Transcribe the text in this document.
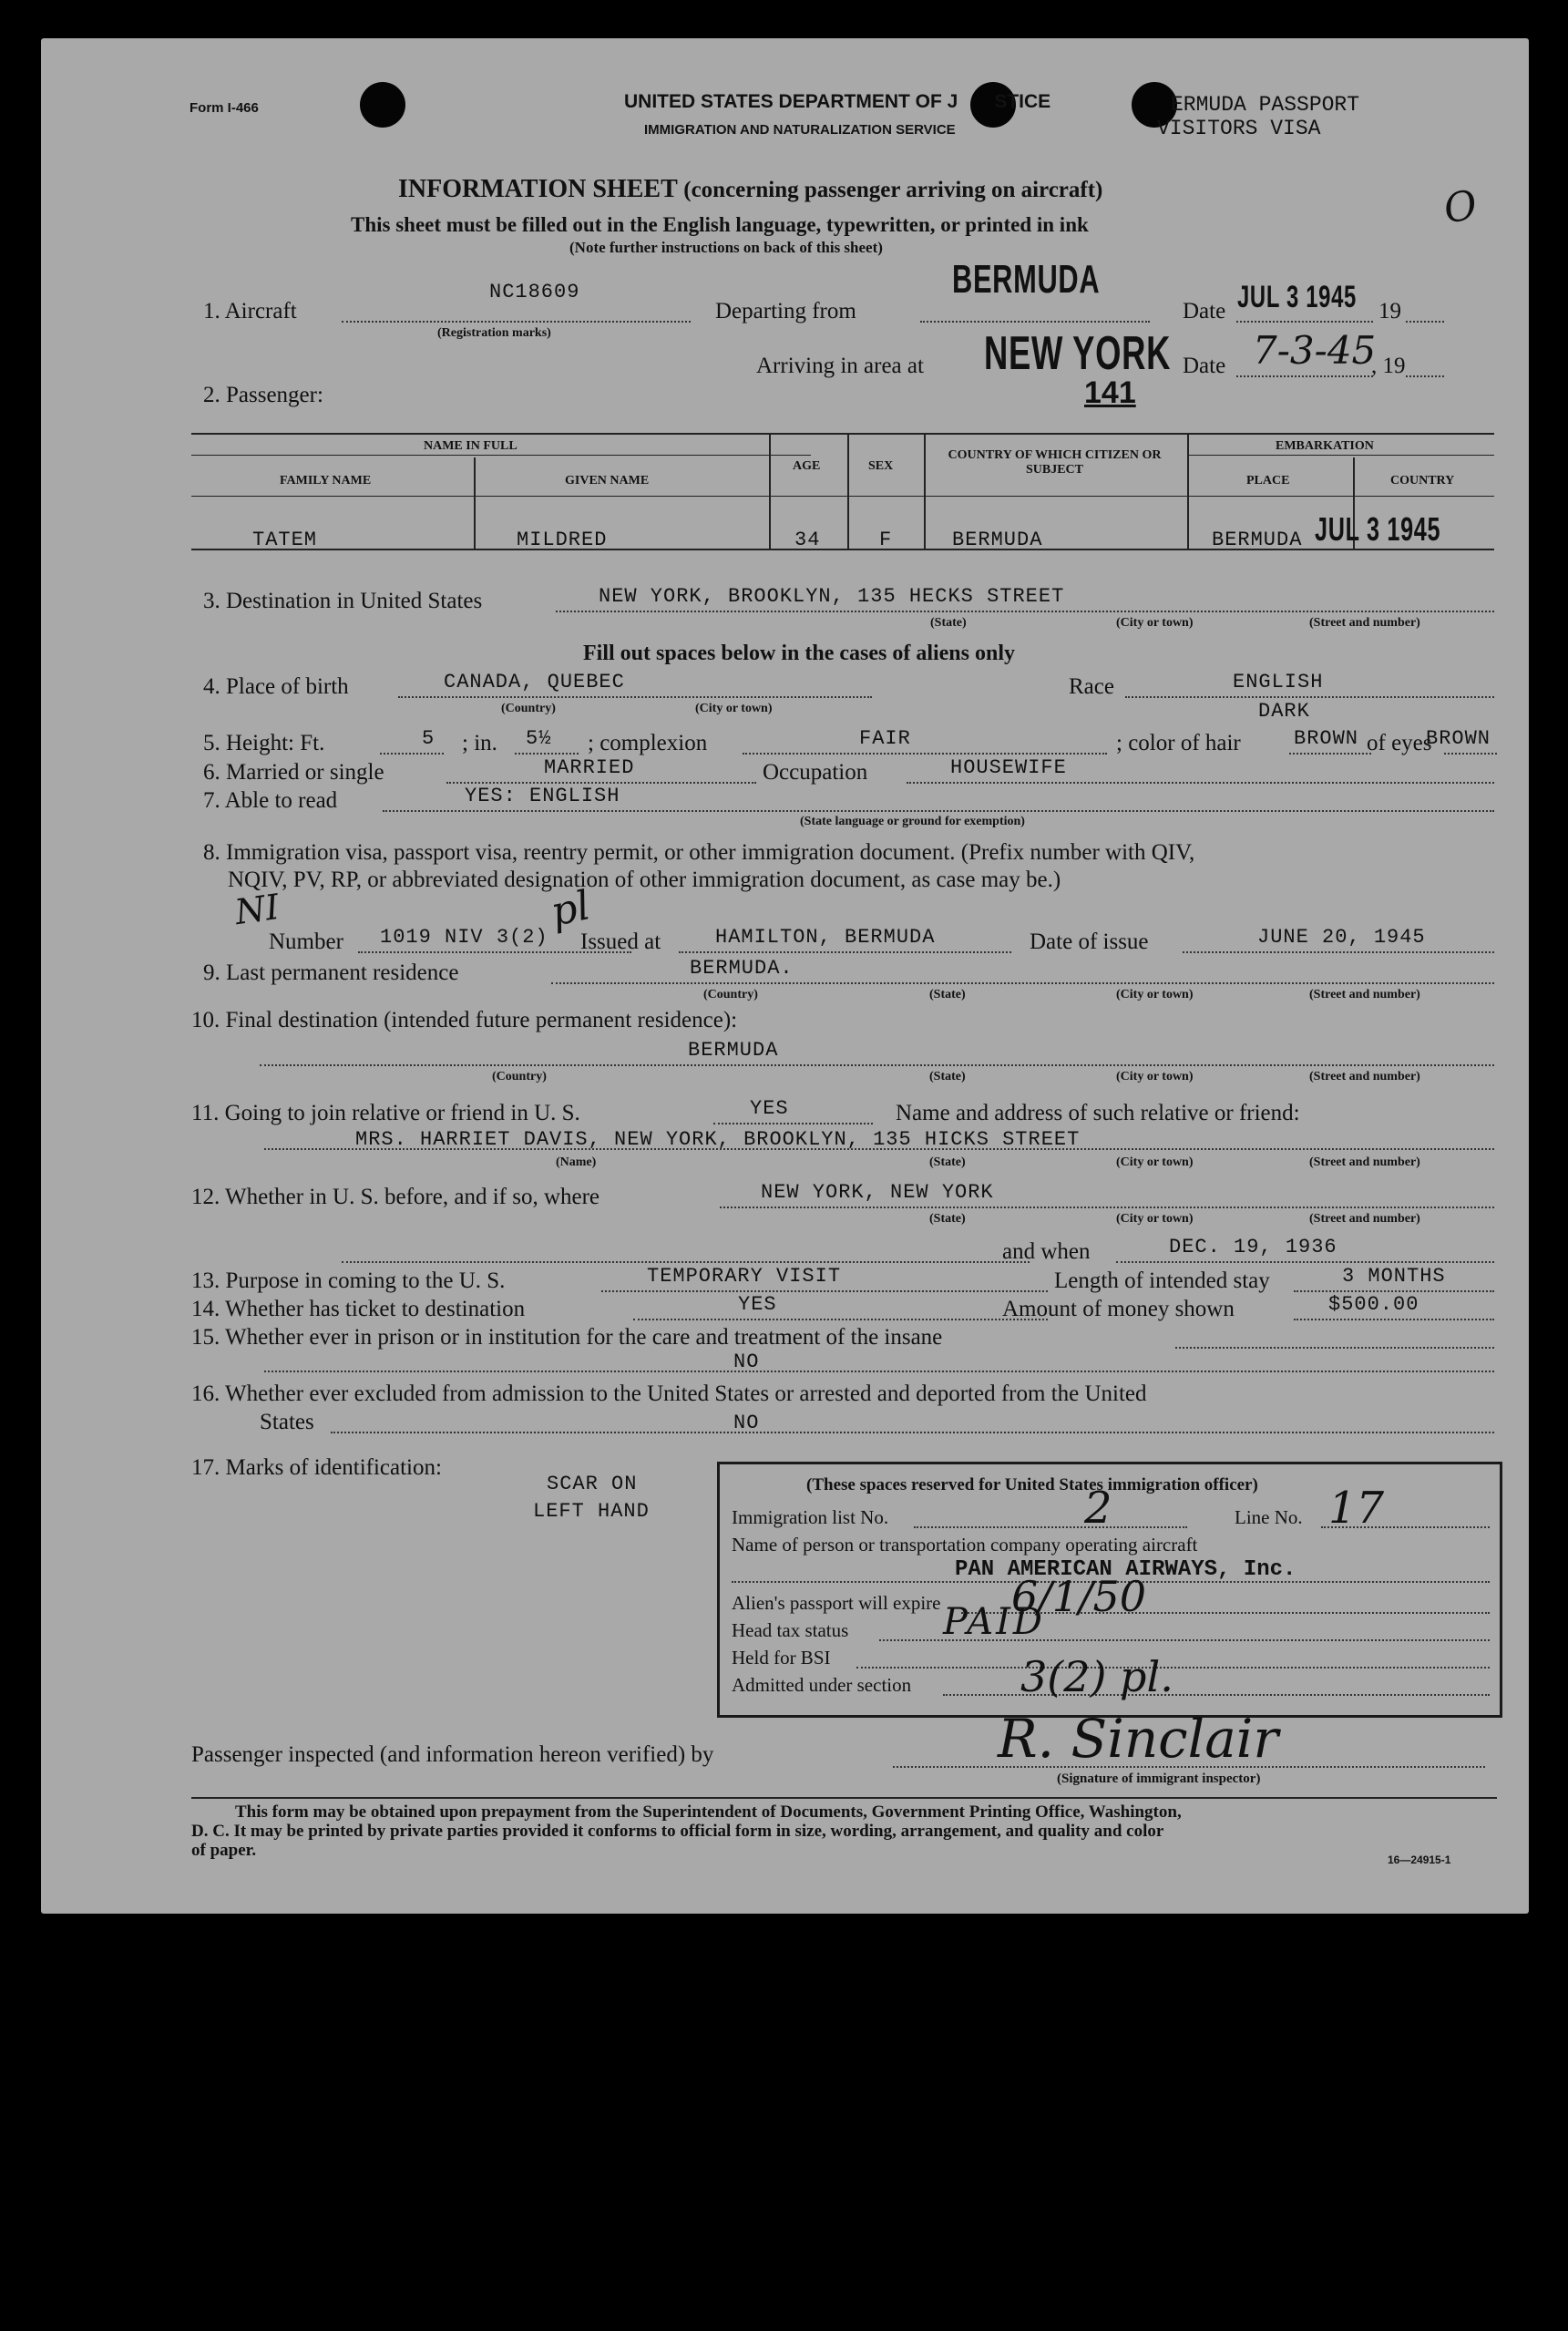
Form I-466	UNITED STATES DEPARTMENT OF J STICE
IMMIGRATION AND NATURALIZATION SERVICE
ERMUDA PASSPORT
VISITORS VISA
O
INFORMATION SHEET (concerning passenger arriving on aircraft)
This sheet must be filled out in the English language, typewritten, or printed in ink
(Note further instructions on back of this sheet)
1. Aircraft
NC18609
(Registration marks)
Departing from
BERMUDA
Date JUL 3 1945 19
Arriving in area at NEW YORK
141
Date 7-3-45
, 19
2. Passenger:
NAME IN FULL
FAMILY NAME	GIVEN NAME
AGE	SEX
COUNTRY OF WHICH CITIZEN OR SUBJECT
EMBARKATION
PLACE	COUNTRY
TATEM	MILDRED	34	F	BERMUDA	BERMUDA JUL 3 1945
3. Destination in United States	NEW YORK, BROOKLYN, 135 HECKS STREET
(State)	(City or town)	(Street and number)
Fill out spaces below in the cases of aliens only
4. Place of birth	CANADA, QUEBEC
(Country)	(City or town)
Race	ENGLISH
DARK
5. Height: Ft.	5 ; in. 5½ ; complexion	FAIR	; color of hair	BROWN of eyes
BROWN
6. Married or single	MARRIED	Occupation	HOUSEWIFE
7. Able to read	YES: ENGLISH
(State language or ground for exemption)
8. Immigration visa, passport visa, reentry permit, or other immigration document. (Prefix number with QIV,
NQIV, PV, RP, or abbreviated designation of other immigration document, as case may be.)
NI	pl
Number 1019 NIV 3(2) Issued at	HAMILTON, BERMUDA	Date of issue	JUNE 20, 1945
9. Last permanent residence	BERMUDA.
(Country)	(State)	(City or town)	(Street and number)
10. Final destination (intended future permanent residence):
BERMUDA
(Country)	(State)	(City or town)	(Street and number)
11. Going to join relative or friend in U. S.	YES	Name and address of such relative or friend:
MRS. HARRIET DAVIS, NEW YORK, BROOKLYN, 135 HICKS STREET
(Name)	(State)	(City or town)	(Street and number)
12. Whether in U. S. before, and if so, where	NEW YORK, NEW YORK
(State)	(City or town)	(Street and number)
and when	DEC. 19, 1936
13. Purpose in coming to the U. S.	TEMPORARY VISIT	Length of intended stay	3 MONTHS
14. Whether has ticket to destination	YES	Amount of money shown	$500.00
15. Whether ever in prison or in institution for the care and treatment of the insane
NO
16. Whether ever excluded from admission to the United States or arrested and deported from the United
States	NO
17. Marks of identification:
SCAR ON
LEFT HAND
(These spaces reserved for United States immigration officer)
Immigration list No.	2	Line No. 17
Name of person or transportation company operating aircraft
PAN AMERICAN AIRWAYS, Inc.
Alien's passport will expire 6/1/50
Head tax status	PAID
Held for BSI
Admitted under section	3(2) pl.
Passenger inspected (and information hereon verified) by	R. Sinclair
(Signature of immigrant inspector)
This form may be obtained upon prepayment from the Superintendent of Documents, Government Printing Office, Washington,
D. C. It may be printed by private parties provided it conforms to official form in size, wording, arrangement, and quality and color
of paper.	16—24915-1
